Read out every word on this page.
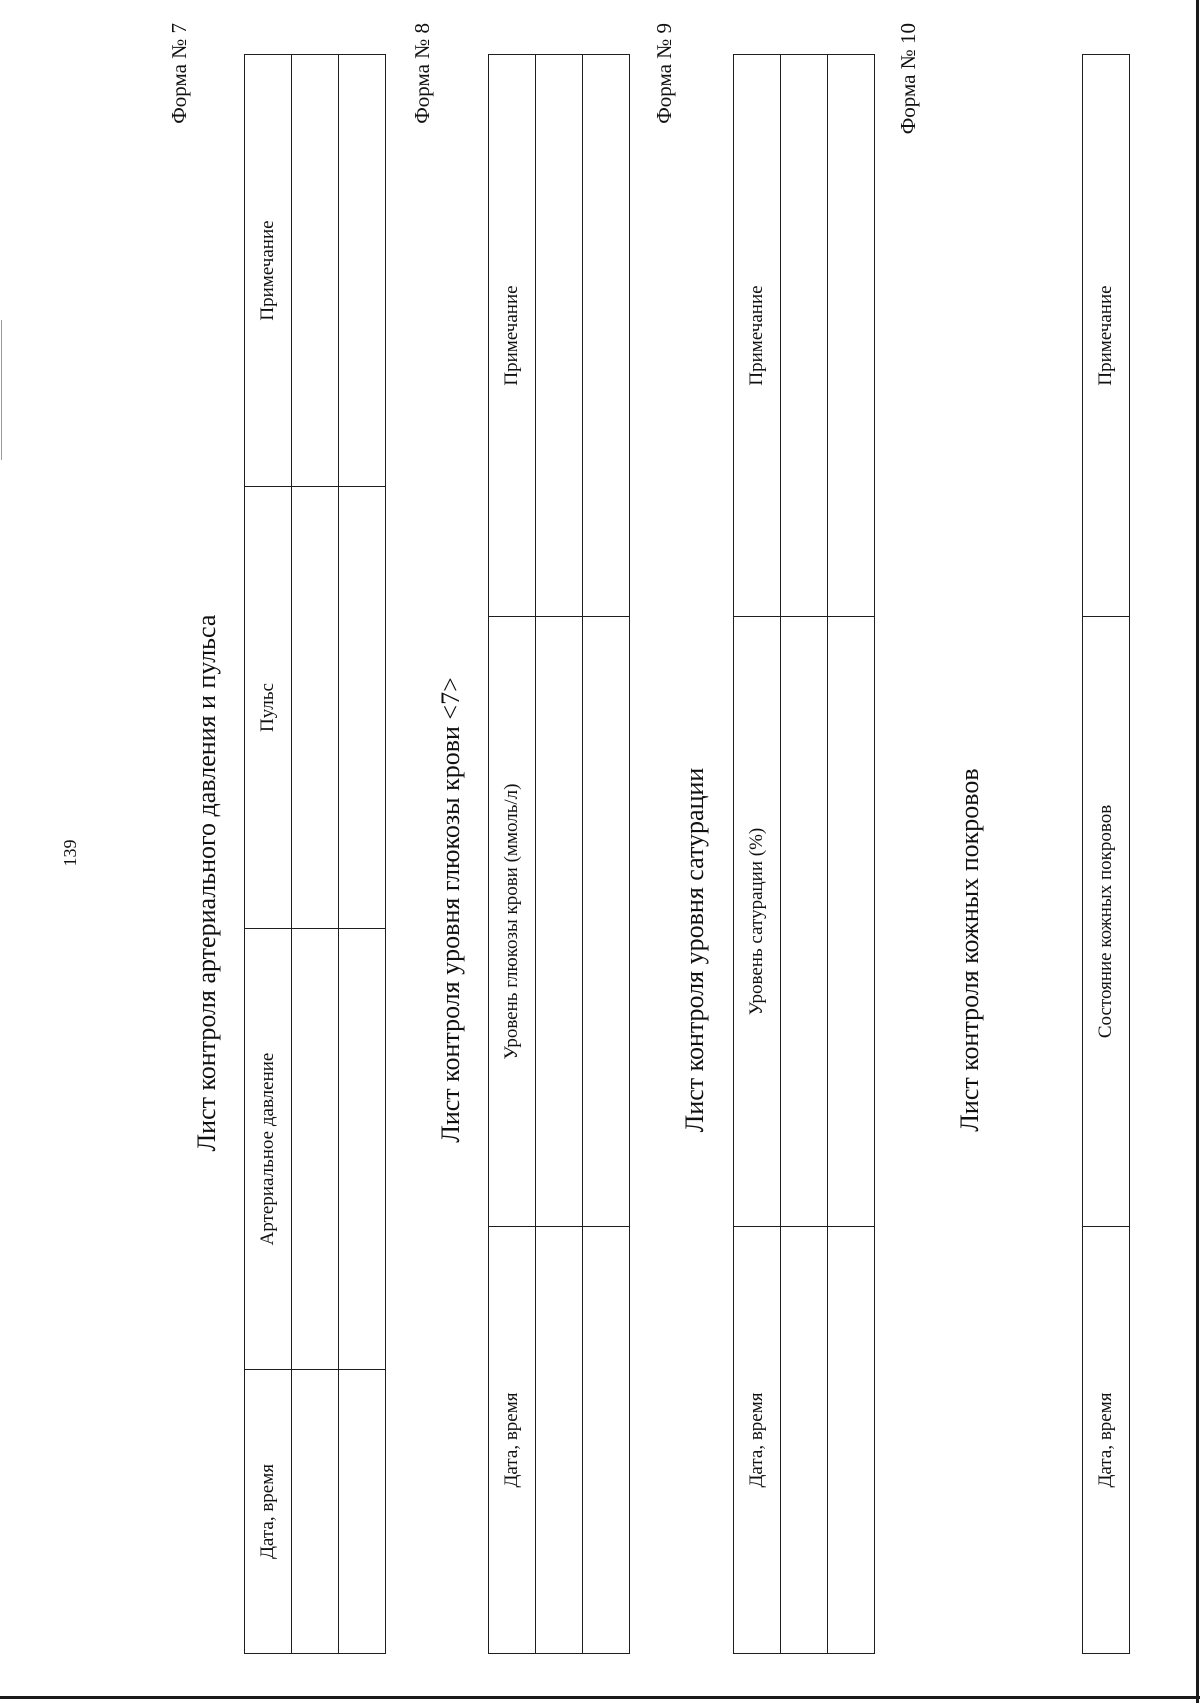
139
Форма № 7
Лист контроля артериального давления и пульса
Дата, время	Артериальное давление	Пульс	Примечание

Форма № 8
Лист контроля уровня глюкозы крови <7>
Дата, время	Уровень глюкозы крови (ммоль/л)	Примечание

Форма № 9
Лист контроля уровня сатурации
Дата, время	Уровень сатурации (%)	Примечание

Форма № 10
Лист контроля кожных покровов
Дата, время	Состояние кожных покровов	Примечание
